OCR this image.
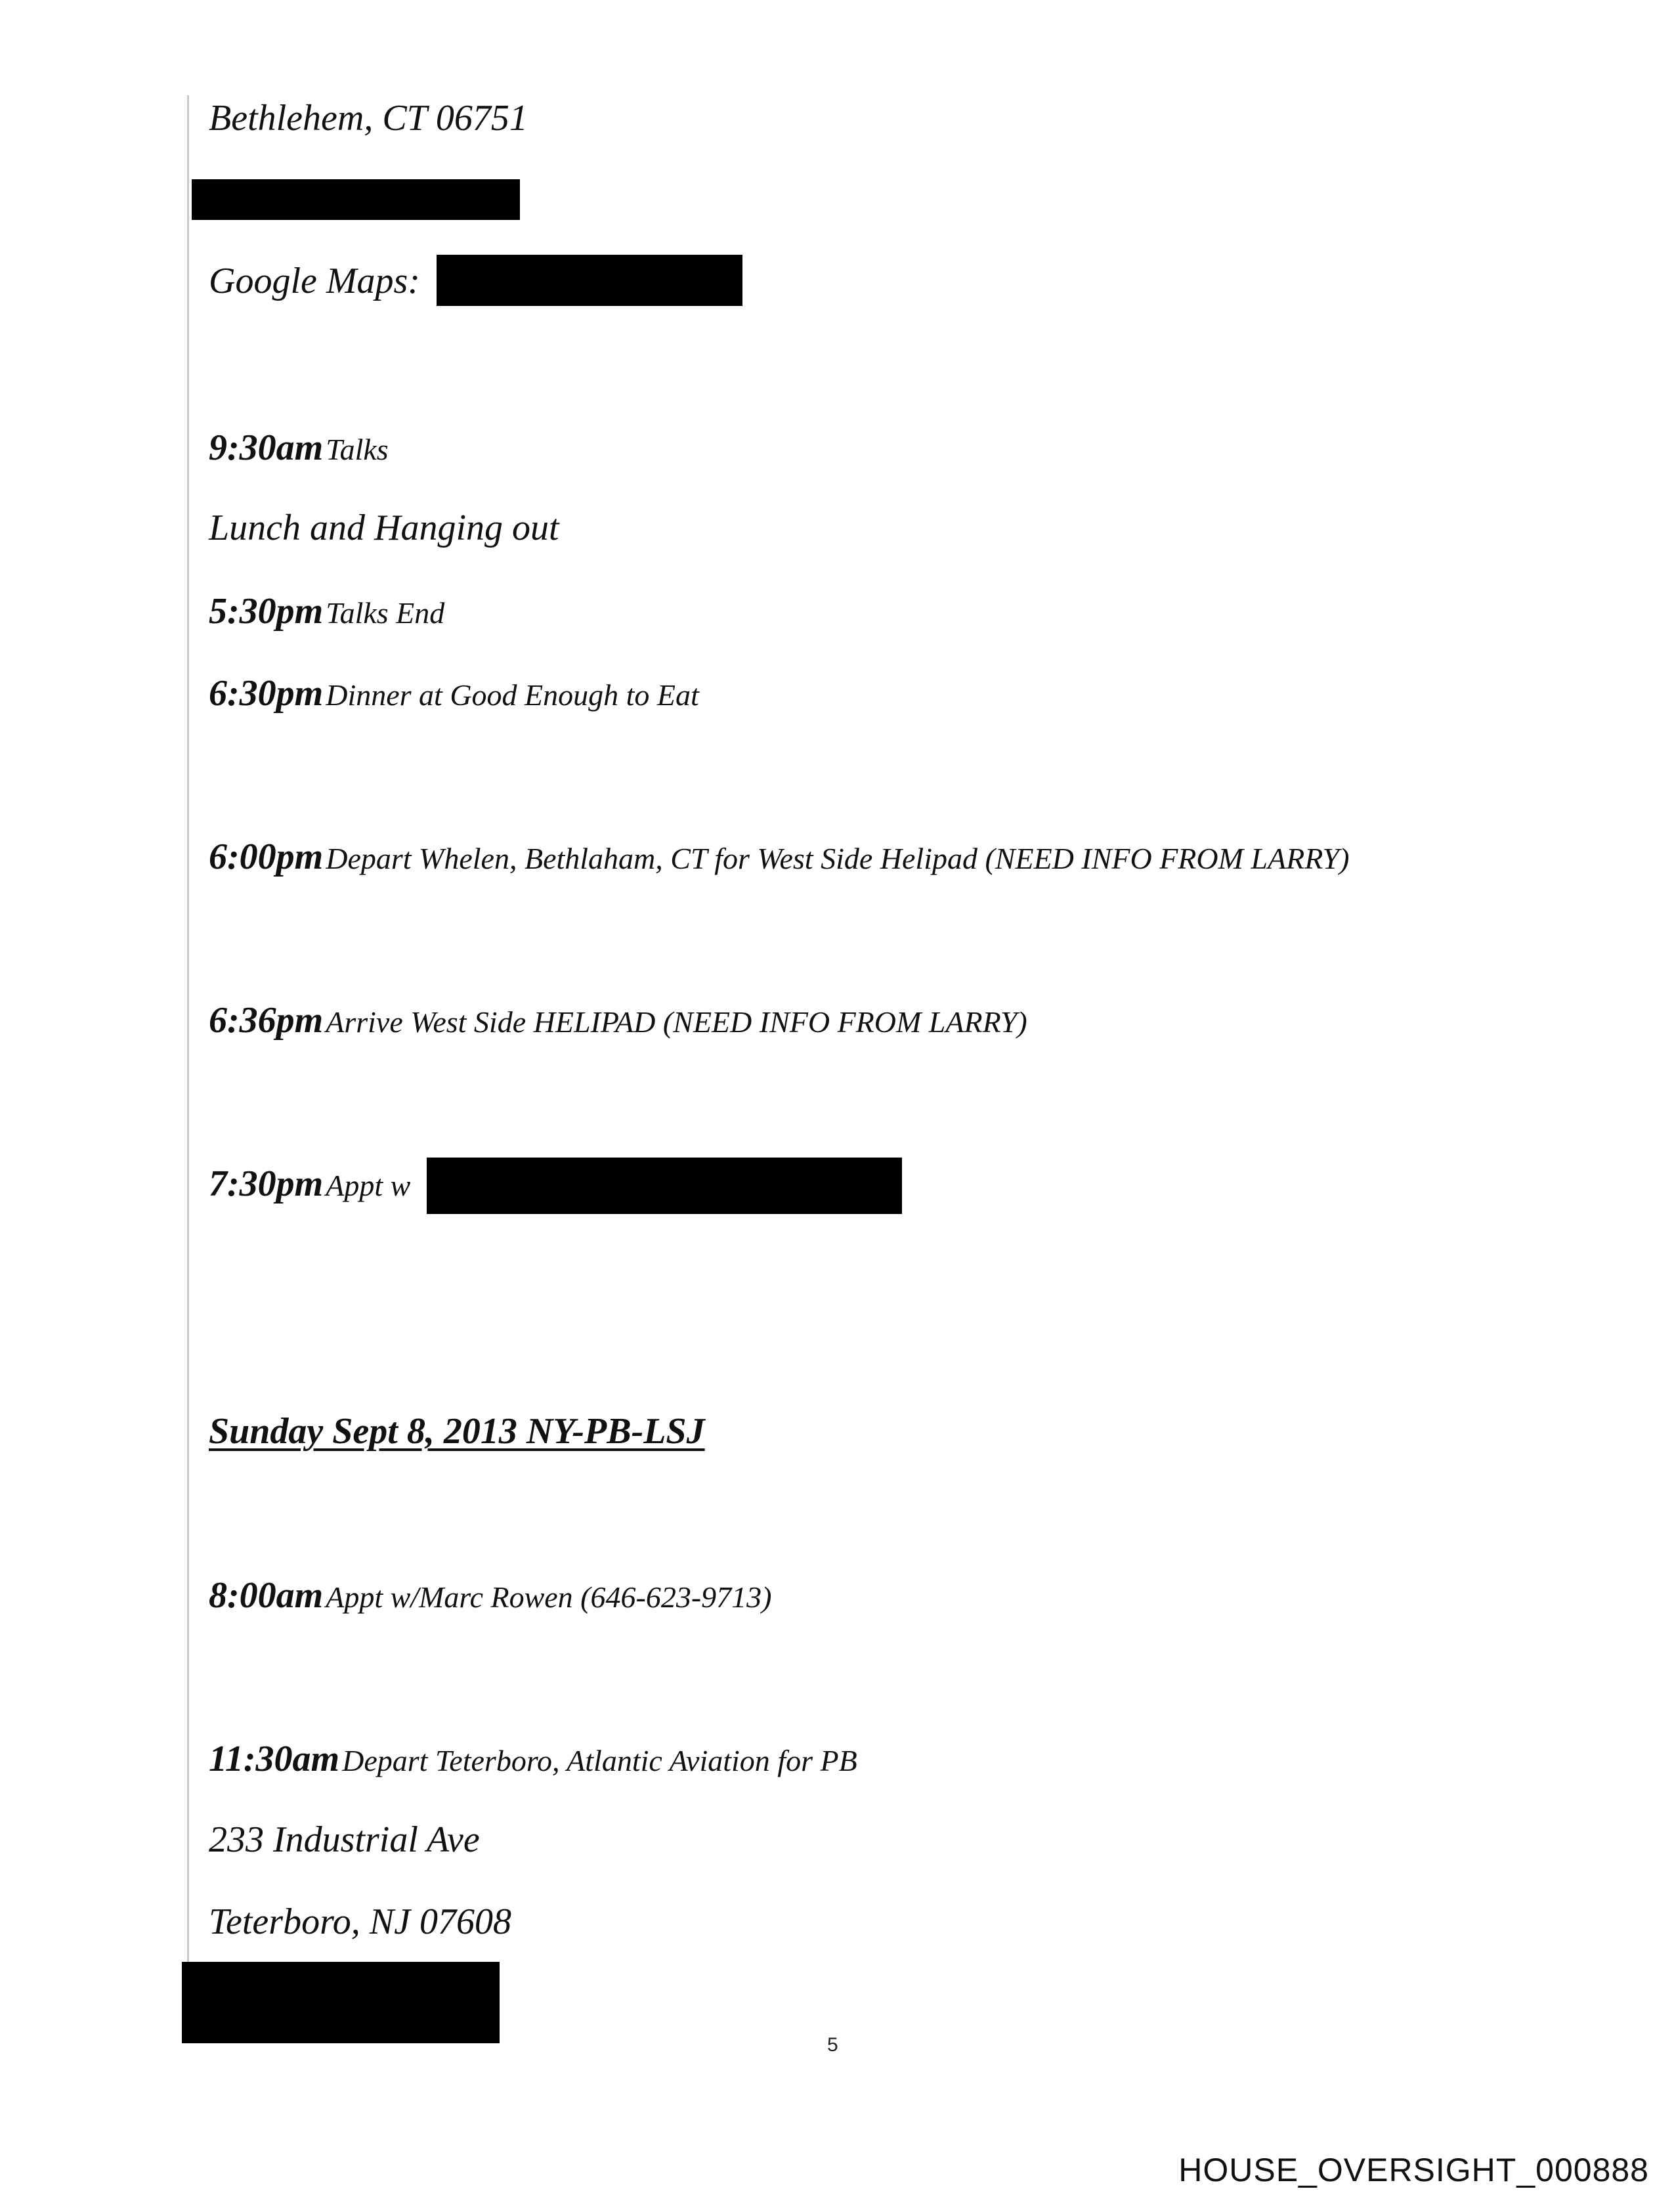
Bethlehem, CT 06751
Google Maps:
9:30am Talks
Lunch and Hanging out
5:30pm Talks End
6:30pm Dinner at Good Enough to Eat
6:00pm Depart Whelen, Bethlaham, CT for West Side Helipad (NEED INFO FROM LARRY)
6:36pm Arrive West Side HELIPAD (NEED INFO FROM LARRY)
7:30pm Appt w
Sunday Sept 8, 2013 NY-PB-LSJ
8:00am Appt w/Marc Rowen (646-623-9713)
11:30am Depart Teterboro, Atlantic Aviation for PB
233 Industrial Ave
Teterboro, NJ 07608
5
HOUSE_OVERSIGHT_000888
